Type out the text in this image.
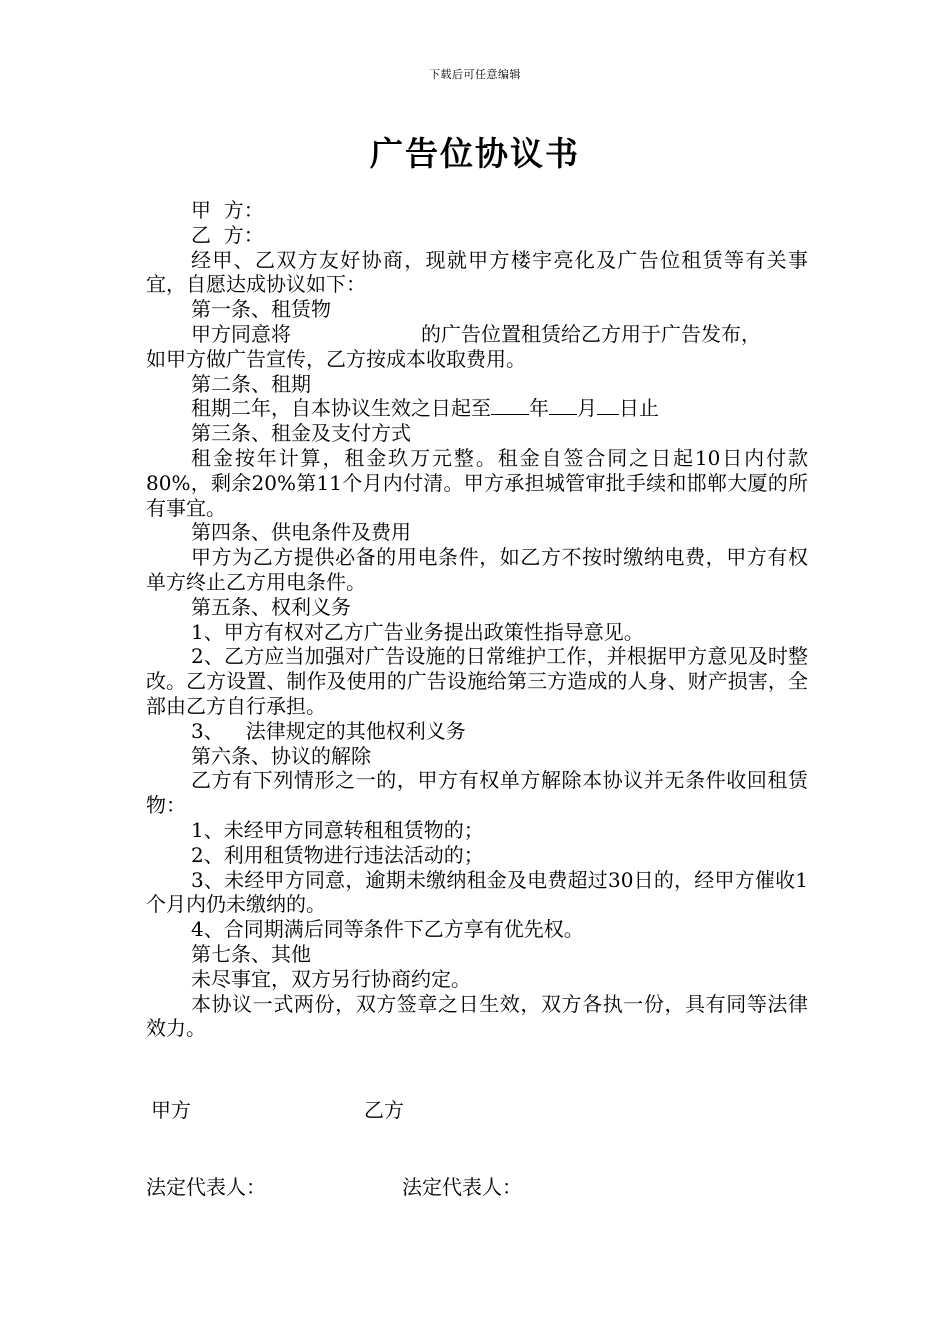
下载后可任意编辑
广告位协议书
甲  方：
乙  方：
经甲、乙双方友好协商，现就甲方楼宇亮化及广告位租赁等有关事宜，自愿达成协议如下：
第一条、租赁物
甲方同意将	的广告位置租赁给乙方用于广告发布，
如甲方做广告宣传，乙方按成本收取费用。
第二条、租期
租期二年，自本协议生效之日起至 年 月 日止
第三条、租金及支付方式
租金按年计算，租金玖万元整。租金自签合同之日起10日内付款80%，剩余20%第11个月内付清。甲方承担城管审批手续和邯郸大厦的所有事宜。
第四条、供电条件及费用
甲方为乙方提供必备的用电条件，如乙方不按时缴纳电费，甲方有权单方终止乙方用电条件。
第五条、权利义务
1、甲方有权对乙方广告业务提出政策性指导意见。
2、乙方应当加强对广告设施的日常维护工作，并根据甲方意见及时整改。乙方设置、制作及使用的广告设施给第三方造成的人身、财产损害，全部由乙方自行承担。
3、 法律规定的其他权利义务
第六条、协议的解除
乙方有下列情形之一的，甲方有权单方解除本协议并无条件收回租赁物：
1、未经甲方同意转租租赁物的；
2、利用租赁物进行违法活动的；
3、未经甲方同意，逾期未缴纳租金及电费超过30日的，经甲方催收1个月内仍未缴纳的。
4、合同期满后同等条件下乙方享有优先权。
第七条、其他
未尽事宜，双方另行协商约定。
本协议一式两份，双方签章之日生效，双方各执一份，具有同等法律效力。
甲方	乙方
法定代表人：	法定代表人：
